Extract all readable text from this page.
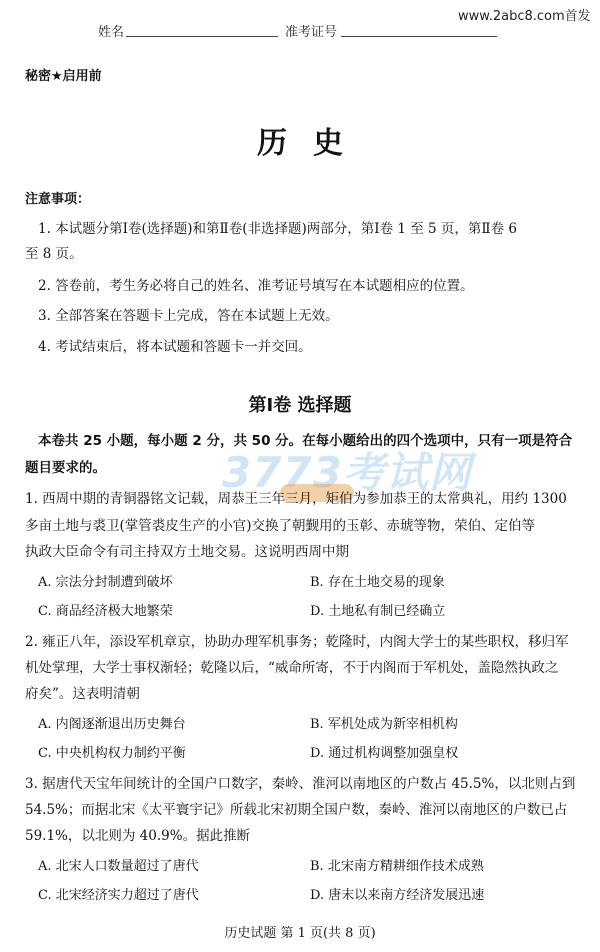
姓名	准考证号
www.2abc8.com首发
秘密★启用前
历史
注意事项：
1. 本试题分第Ⅰ卷(选择题)和第Ⅱ卷(非选择题)两部分，第Ⅰ卷 1 至 5 页，第Ⅱ卷 6
至 8 页。
2. 答卷前，考生务必将自己的姓名、准考证号填写在本试题相应的位置。
3. 全部答案在答题卡上完成，答在本试题上无效。
4. 考试结束后，将本试题和答题卡一并交回。
第Ⅰ卷 选择题
本卷共 25 小题，每小题 2 分，共 50 分。在每小题给出的四个选项中，只有一项是符合
题目要求的。	3773考试网
1. 西周中期的青铜器铭文记载，周恭王三年三月，矩伯为参加恭王的太常典礼，用约 1300
多亩土地与裘卫(掌管裘皮生产的小官)交换了朝觐用的玉彰、赤琥等物，荣伯、定伯等
执政大臣命令有司主持双方土地交易。这说明西周中期
A. 宗法分封制遭到破坏	B. 存在土地交易的现象
C. 商品经济极大地繁荣	D. 土地私有制已经确立
2. 雍正八年，添设军机章京，协助办理军机事务；乾隆时，内阁大学士的某些职权，移归军
机处掌理，大学士事权渐轻；乾隆以后，“威命所寄，不于内阁而于军机处，盖隐然执政之
府矣”。这表明清朝
A. 内阁逐渐退出历史舞台	B. 军机处成为新宰相机构
C. 中央机构权力制约平衡	D. 通过机构调整加强皇权
3. 据唐代天宝年间统计的全国户口数字，秦岭、淮河以南地区的户数占 45.5%，以北则占到
54.5%；而据北宋《太平寰宇记》所载北宋初期全国户数，秦岭、淮河以南地区的户数已占
59.1%，以北则为 40.9%。据此推断
A. 北宋人口数量超过了唐代	B. 北宋南方精耕细作技术成熟
C. 北宋经济实力超过了唐代	D. 唐末以来南方经济发展迅速
历史试题 第 1 页(共 8 页)
